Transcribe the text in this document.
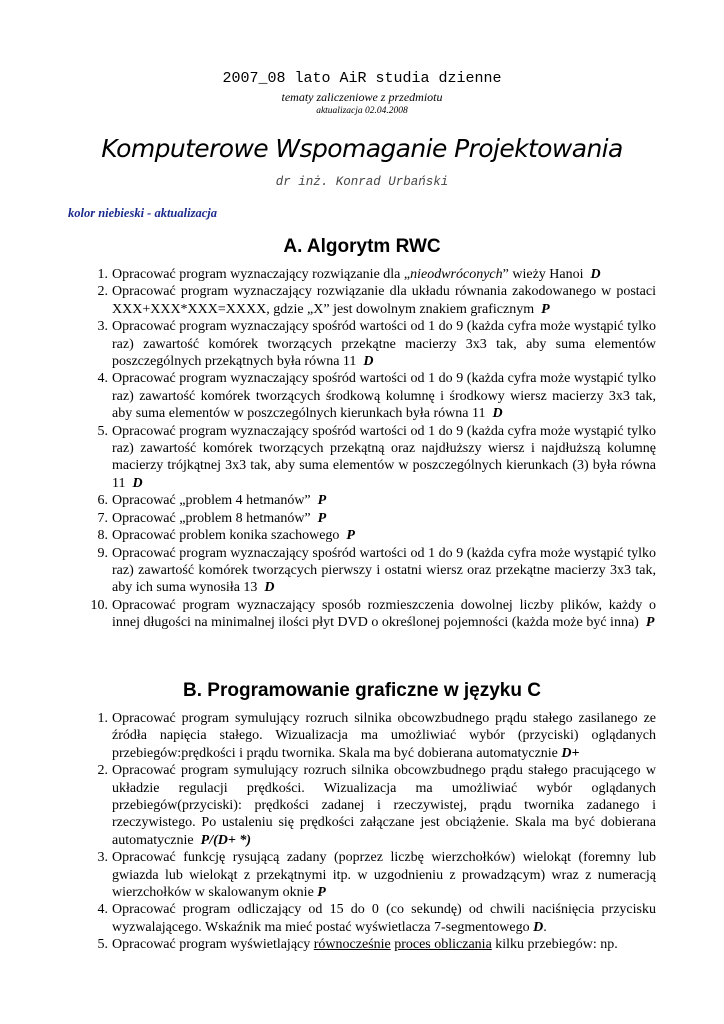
2007_08 lato AiR studia dzienne
tematy zaliczeniowe z przedmiotu
aktualizacja 02.04.2008
Komputerowe Wspomaganie Projektowania
dr inż. Konrad Urbański
kolor niebieski - aktualizacja
A. Algorytm RWC
1. Opracować program wyznaczający rozwiązanie dla „nieodwróconych” wieży Hanoi D
2. Opracować program wyznaczający rozwiązanie dla układu równania zakodowanego w postaci XXX+XXX*XXX=XXXX, gdzie „X” jest dowolnym znakiem graficznym P
3. Opracować program wyznaczający spośród wartości od 1 do 9 (każda cyfra może wystąpić tylko raz) zawartość komórek tworzących przekątne macierzy 3x3 tak, aby suma elementów poszczególnych przekątnych była równa 11 D
4. Opracować program wyznaczający spośród wartości od 1 do 9 (każda cyfra może wystąpić tylko raz) zawartość komórek tworzących środkową kolumnę i środkowy wiersz macierzy 3x3 tak, aby suma elementów w poszczególnych kierunkach była równa 11 D
5. Opracować program wyznaczający spośród wartości od 1 do 9 (każda cyfra może wystąpić tylko raz) zawartość komórek tworzących przekątną oraz najdłuższy wiersz i najdłuższą kolumnę macierzy trójkątnej 3x3 tak, aby suma elementów w poszczególnych kierunkach (3) była równa 11 D
6. Opracować „problem 4 hetmanów” P
7. Opracować „problem 8 hetmanów” P
8. Opracować problem konika szachowego P
9. Opracować program wyznaczający spośród wartości od 1 do 9 (każda cyfra może wystąpić tylko raz) zawartość komórek tworzących pierwszy i ostatni wiersz oraz przekątne macierzy 3x3 tak, aby ich suma wynosiła 13 D
10. Opracować program wyznaczający sposób rozmieszczenia dowolnej liczby plików, każdy o innej długości na minimalnej ilości płyt DVD o określonej pojemności (każda może być inna) P
B. Programowanie graficzne w języku C
1. Opracować program symulujący rozruch silnika obcowzbudnego prądu stałego zasilanego ze źródła napięcia stałego. Wizualizacja ma umożliwiać wybór (przyciski) oglądanych przebiegów:prędkości i prądu twornika. Skala ma być dobierana automatycznie D+
2. Opracować program symulujący rozruch silnika obcowzbudnego prądu stałego pracującego w układzie regulacji prędkości. Wizualizacja ma umożliwiać wybór oglądanych przebiegów(przyciski): prędkości zadanej i rzeczywistej, prądu twornika zadanego i rzeczywistego. Po ustaleniu się prędkości załączane jest obciążenie. Skala ma być dobierana automatycznie P/(D+ *)
3. Opracować funkcję rysującą zadany (poprzez liczbę wierzchołków) wielokąt (foremny lub gwiazda lub wielokąt z przekątnymi itp. w uzgodnieniu z prowadzącym) wraz z numeracją wierzchołków w skalowanym oknie P
4. Opracować program odliczający od 15 do 0 (co sekundę) od chwili naciśnięcia przycisku wyzwalającego. Wskaźnik ma mieć postać wyświetlacza 7-segmentowego D.
5. Opracować program wyświetlający równocześnie proces obliczania kilku przebiegów: np.
